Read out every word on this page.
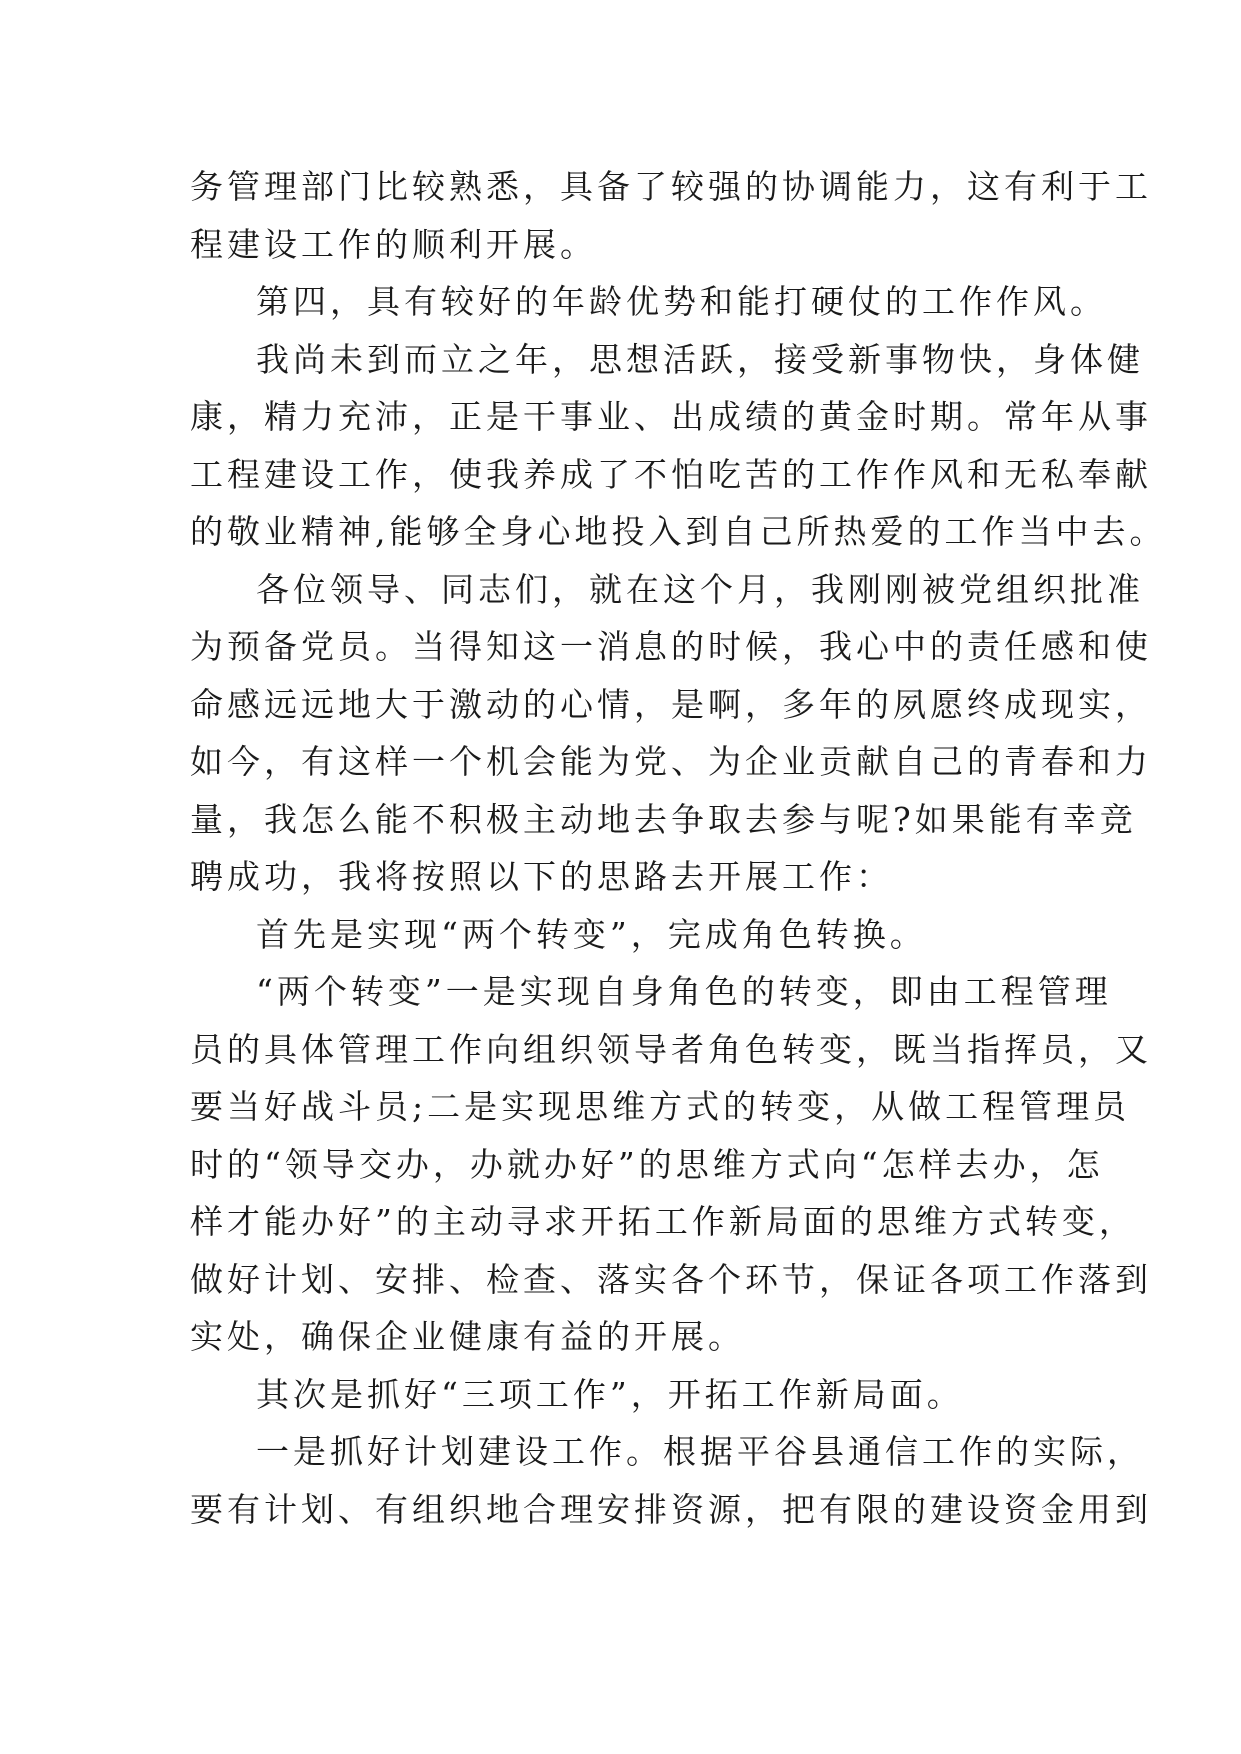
务管理部门比较熟悉，具备了较强的协调能力，这有利于工
程建设工作的顺利开展。
第四，具有较好的年龄优势和能打硬仗的工作作风。
我尚未到而立之年，思想活跃，接受新事物快，身体健
康，精力充沛，正是干事业、出成绩的黄金时期。常年从事
工程建设工作，使我养成了不怕吃苦的工作作风和无私奉献
的敬业精神,能够全身心地投入到自己所热爱的工作当中去。
各位领导、同志们，就在这个月，我刚刚被党组织批准
为预备党员。当得知这一消息的时候，我心中的责任感和使
命感远远地大于激动的心情，是啊，多年的夙愿终成现实，
如今，有这样一个机会能为党、为企业贡献自己的青春和力
量，我怎么能不积极主动地去争取去参与呢?如果能有幸竞
聘成功，我将按照以下的思路去开展工作：
首先是实现“两个转变”，完成角色转换。
“两个转变”一是实现自身角色的转变，即由工程管理
员的具体管理工作向组织领导者角色转变，既当指挥员，又
要当好战斗员;二是实现思维方式的转变，从做工程管理员
时的“领导交办，办就办好”的思维方式向“怎样去办，怎
样才能办好”的主动寻求开拓工作新局面的思维方式转变，
做好计划、安排、检查、落实各个环节，保证各项工作落到
实处，确保企业健康有益的开展。
其次是抓好“三项工作”，开拓工作新局面。
一是抓好计划建设工作。根据平谷县通信工作的实际，
要有计划、有组织地合理安排资源，把有限的建设资金用到
